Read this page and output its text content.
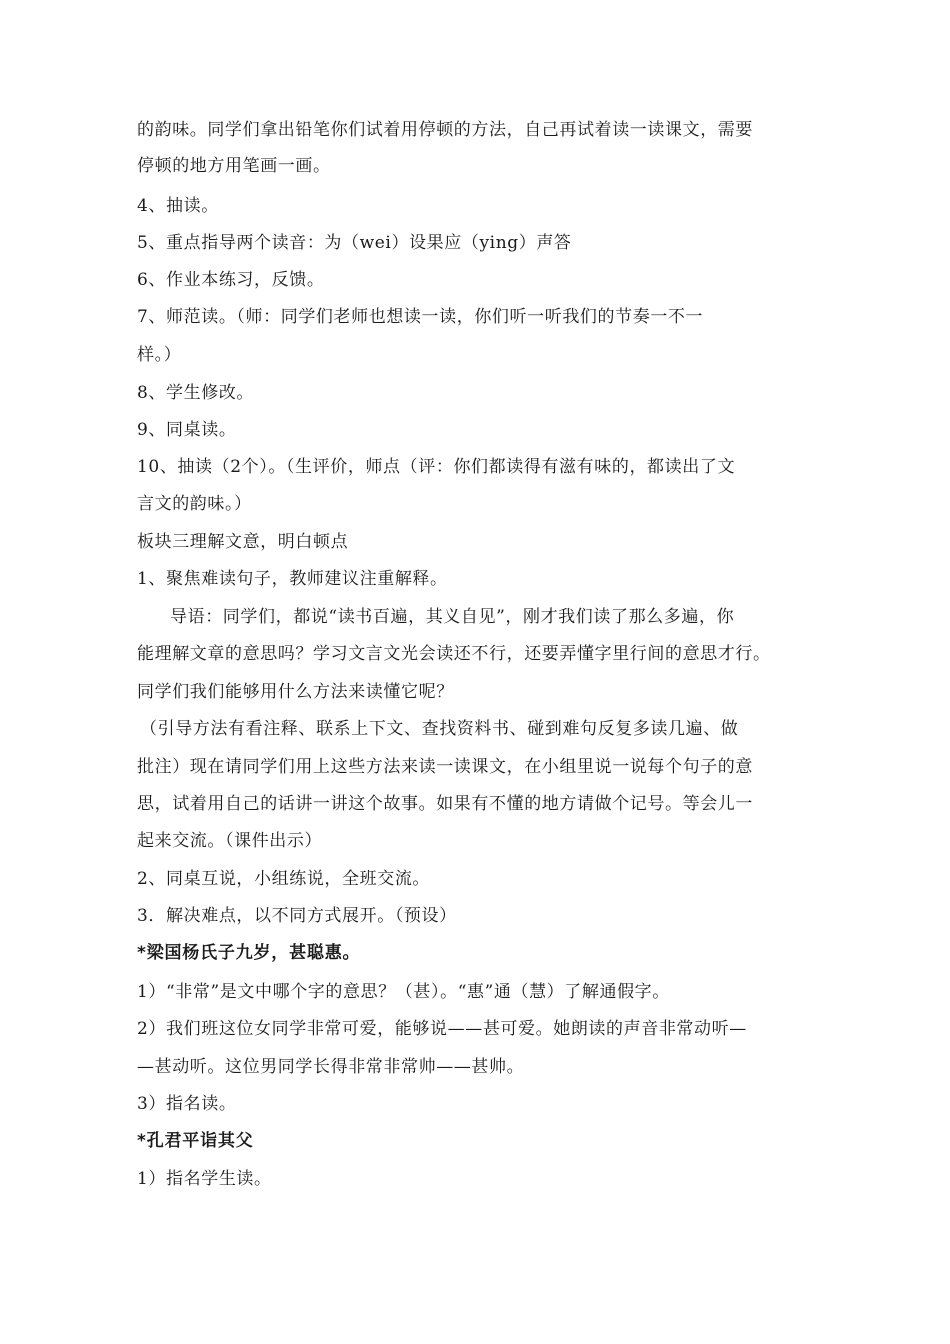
的韵味。同学们拿出铅笔你们试着用停顿的方法，自己再试着读一读课文，需要
停顿的地方用笔画一画。
4、抽读。
5、重点指导两个读音：为（wei）设果应（ying）声答
6、作业本练习，反馈。
7、师范读。（师：同学们老师也想读一读，你们听一听我们的节奏一不一
样。）
8、学生修改。
9、同桌读。
10、抽读（2个）。（生评价，师点（评：你们都读得有滋有味的，都读出了文
言文的韵味。）
板块三理解文意，明白顿点
1、聚焦难读句子，教师建议注重解释。
导语：同学们，都说“读书百遍，其义自见”，刚才我们读了那么多遍，你
能理解文章的意思吗？学习文言文光会读还不行，还要弄懂字里行间的意思才行。
同学们我们能够用什么方法来读懂它呢？
（引导方法有看注释、联系上下文、查找资料书、碰到难句反复多读几遍、做
批注）现在请同学们用上这些方法来读一读课文，在小组里说一说每个句子的意
思，试着用自己的话讲一讲这个故事。如果有不懂的地方请做个记号。等会儿一
起来交流。（课件出示）
2、同桌互说，小组练说，全班交流。
3．解决难点，以不同方式展开。（预设）
*梁国杨氏子九岁，甚聪惠。
1）“非常”是文中哪个字的意思？（甚）。“惠”通（慧）了解通假字。
2）我们班这位女同学非常可爱，能够说——甚可爱。她朗读的声音非常动听—
—甚动听。这位男同学长得非常非常帅——甚帅。
3）指名读。
*孔君平诣其父
1）指名学生读。
